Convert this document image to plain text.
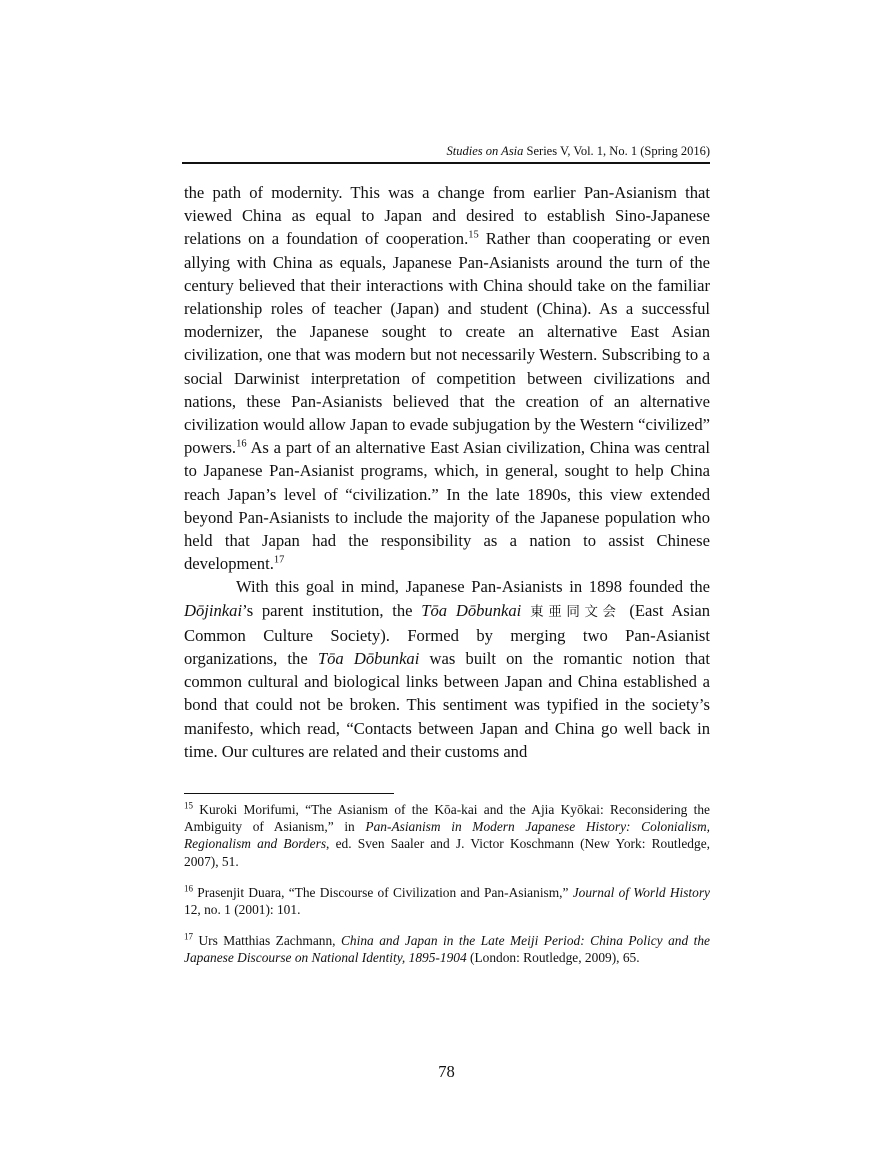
Studies on Asia Series V, Vol. 1, No. 1 (Spring 2016)

the path of modernity. This was a change from earlier Pan-Asianism that viewed China as equal to Japan and desired to establish Sino-Japanese relations on a foundation of cooperation.$^{15}$ Rather than cooperating or even allying with China as equals, Japanese Pan-Asianists around the turn of the century believed that their interactions with China should take on the familiar relationship roles of teacher (Japan) and student (China). As a successful modernizer, the Japanese sought to create an alternative East Asian civilization, one that was modern but not necessarily Western. Subscribing to a social Darwinist interpretation of competition between civilizations and nations, these Pan-Asianists believed that the creation of an alternative civilization would allow Japan to evade subjugation by the Western “civilized” powers.$^{16}$ As a part of an alternative East Asian civilization, China was central to Japanese Pan-Asianist programs, which, in general, sought to help China reach Japan’s level of “civilization.” In the late 1890s, this view extended beyond Pan-Asianists to include the majority of the Japanese population who held that Japan had the responsibility as a nation to assist Chinese development.$^{17}$

With this goal in mind, Japanese Pan-Asianists in 1898 founded the Dōjinkai’s parent institution, the Tōa Dōbunkai 東亜同文会 (East Asian Common Culture Society). Formed by merging two Pan-Asianist organizations, the Tōa Dōbunkai was built on the romantic notion that common cultural and biological links between Japan and China established a bond that could not be broken. This sentiment was typified in the society’s manifesto, which read, “Contacts between Japan and China go well back in time. Our cultures are related and their customs and

$^{15}$ Kuroki Morifumi, “The Asianism of the Kōa-kai and the Ajia Kyōkai: Reconsidering the Ambiguity of Asianism,” in Pan-Asianism in Modern Japanese History: Colonialism, Regionalism and Borders, ed. Sven Saaler and J. Victor Koschmann (New York: Routledge, 2007), 51.

$^{16}$ Prasenjit Duara, “The Discourse of Civilization and Pan-Asianism,” Journal of World History 12, no. 1 (2001): 101.

$^{17}$ Urs Matthias Zachmann, China and Japan in the Late Meiji Period: China Policy and the Japanese Discourse on National Identity, 1895-1904 (London: Routledge, 2009), 65.

78
